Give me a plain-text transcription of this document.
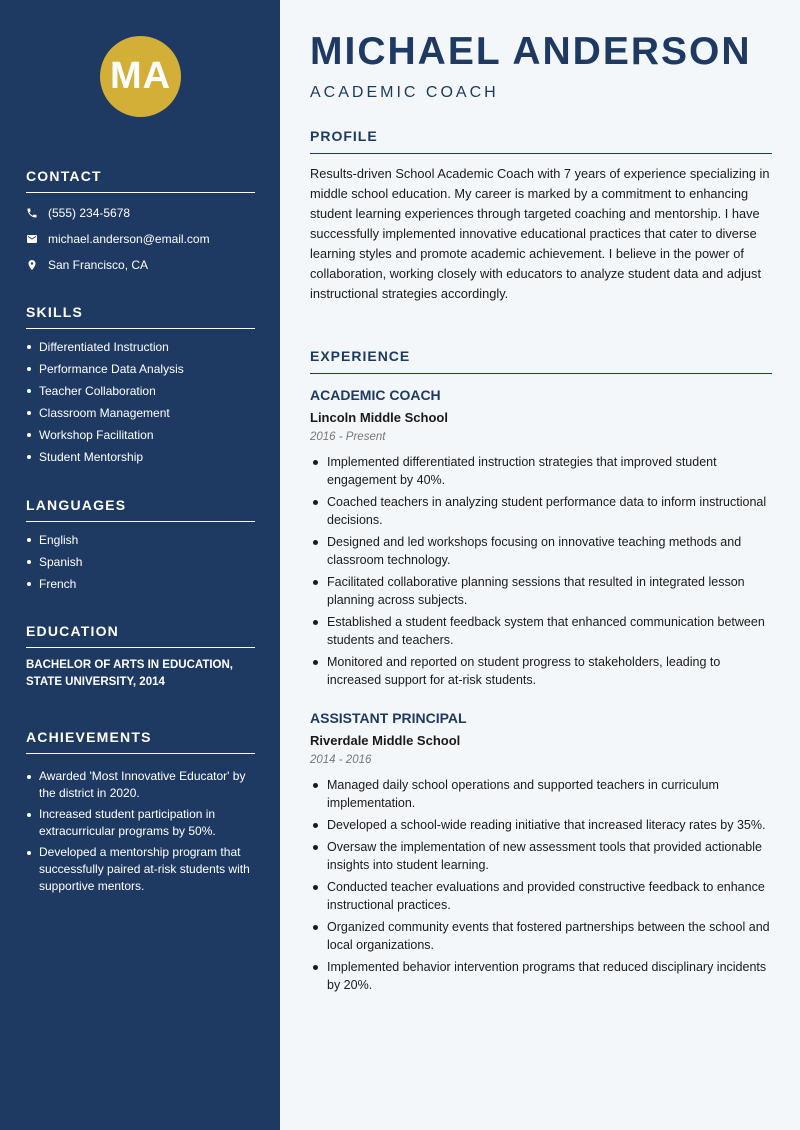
MA
CONTACT
(555) 234-5678
michael.anderson@email.com
San Francisco, CA
SKILLS
Differentiated Instruction
Performance Data Analysis
Teacher Collaboration
Classroom Management
Workshop Facilitation
Student Mentorship
LANGUAGES
English
Spanish
French
EDUCATION
BACHELOR OF ARTS IN EDUCATION, STATE UNIVERSITY, 2014
ACHIEVEMENTS
Awarded 'Most Innovative Educator' by the district in 2020.
Increased student participation in extracurricular programs by 50%.
Developed a mentorship program that successfully paired at-risk students with supportive mentors.
MICHAEL ANDERSON
ACADEMIC COACH
PROFILE

Results-driven School Academic Coach with 7 years of experience specializing in middle school education. My career is marked by a commitment to enhancing student learning experiences through targeted coaching and mentorship. I have successfully implemented innovative educational practices that cater to diverse learning styles and promote academic achievement. I believe in the power of collaboration, working closely with educators to analyze student data and adjust instructional strategies accordingly.

EXPERIENCE
ACADEMIC COACH
Lincoln Middle School
2016 - Present
Implemented differentiated instruction strategies that improved student engagement by 40%.
Coached teachers in analyzing student performance data to inform instructional decisions.
Designed and led workshops focusing on innovative teaching methods and classroom technology.
Facilitated collaborative planning sessions that resulted in integrated lesson planning across subjects.
Established a student feedback system that enhanced communication between students and teachers.
Monitored and reported on student progress to stakeholders, leading to increased support for at-risk students.
ASSISTANT PRINCIPAL
Riverdale Middle School
2014 - 2016
Managed daily school operations and supported teachers in curriculum implementation.
Developed a school-wide reading initiative that increased literacy rates by 35%.
Oversaw the implementation of new assessment tools that provided actionable insights into student learning.
Conducted teacher evaluations and provided constructive feedback to enhance instructional practices.
Organized community events that fostered partnerships between the school and local organizations.
Implemented behavior intervention programs that reduced disciplinary incidents by 20%.
